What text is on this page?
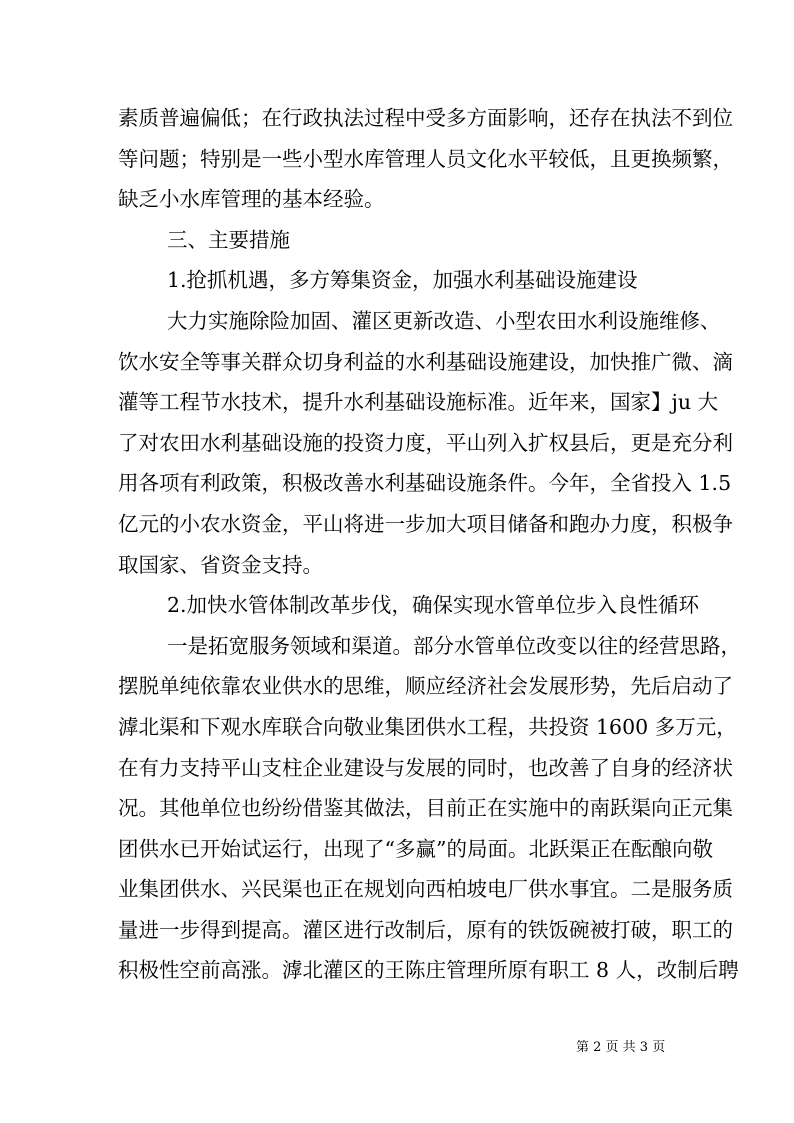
素质普遍偏低；在行政执法过程中受多方面影响，还存在执法不到位
等问题；特别是一些小型水库管理人员文化水平较低，且更换频繁，
缺乏小水库管理的基本经验。
三、主要措施
1.抢抓机遇，多方筹集资金，加强水利基础设施建设
大力实施除险加固、灌区更新改造、小型农田水利设施维修、
饮水安全等事关群众切身利益的水利基础设施建设，加快推广微、滴
灌等工程节水技术，提升水利基础设施标准。近年来，国家】ju 大
了对农田水利基础设施的投资力度，平山列入扩权县后，更是充分利
用各项有利政策，积极改善水利基础设施条件。今年，全省投入 1.5
亿元的小农水资金，平山将进一步加大项目储备和跑办力度，积极争
取国家、省资金支持。
2.加快水管体制改革步伐，确保实现水管单位步入良性循环
一是拓宽服务领域和渠道。部分水管单位改变以往的经营思路，
摆脱单纯依靠农业供水的思维，顺应经济社会发展形势，先后启动了
滹北渠和下观水库联合向敬业集团供水工程，共投资 1600 多万元，
在有力支持平山支柱企业建设与发展的同时，也改善了自身的经济状
况。其他单位也纷纷借鉴其做法，目前正在实施中的南跃渠向正元集
团供水已开始试运行，出现了“多赢”的局面。北跃渠正在酝酿向敬
业集团供水、兴民渠也正在规划向西柏坡电厂供水事宜。二是服务质
量进一步得到提高。灌区进行改制后，原有的铁饭碗被打破，职工的
积极性空前高涨。滹北灌区的王陈庄管理所原有职工 8 人，改制后聘
第 2 页 共 3 页
